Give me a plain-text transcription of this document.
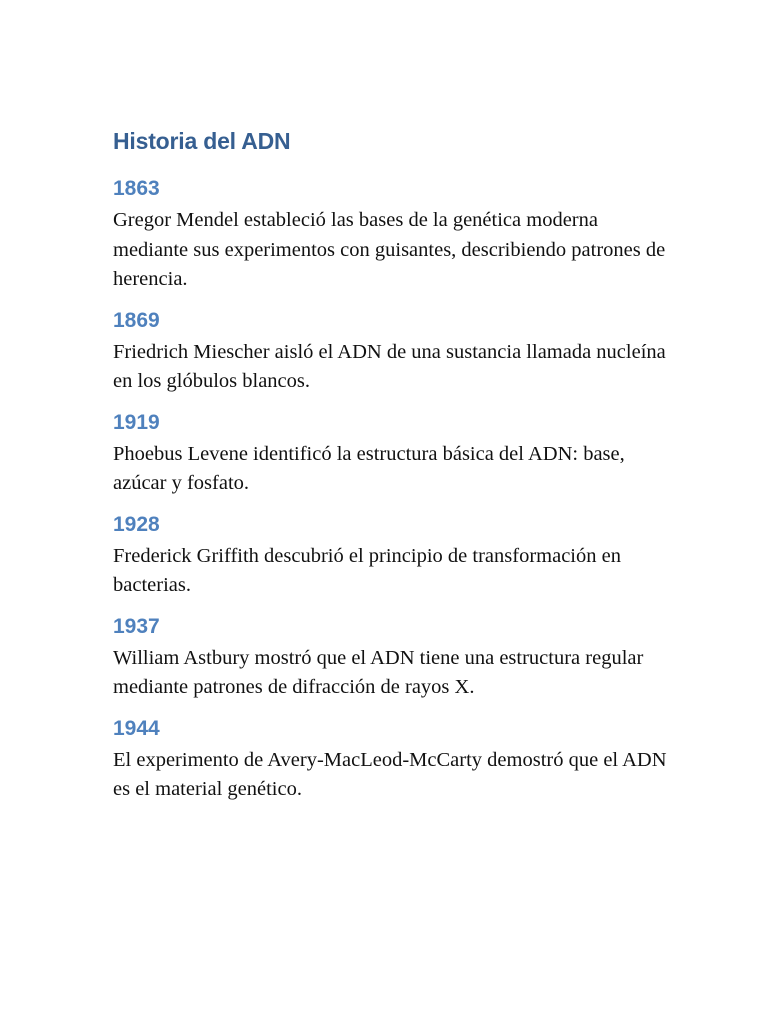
Historia del ADN
1863

Gregor Mendel estableció las bases de la genética moderna mediante sus experimentos con guisantes, describiendo patrones de herencia.

1869

Friedrich Miescher aisló el ADN de una sustancia llamada nucleína en los glóbulos blancos.

1919

Phoebus Levene identificó la estructura básica del ADN: base, azúcar y fosfato.

1928

Frederick Griffith descubrió el principio de transformación en bacterias.

1937

William Astbury mostró que el ADN tiene una estructura regular mediante patrones de difracción de rayos X.

1944

El experimento de Avery-MacLeod-McCarty demostró que el ADN es el material genético.
